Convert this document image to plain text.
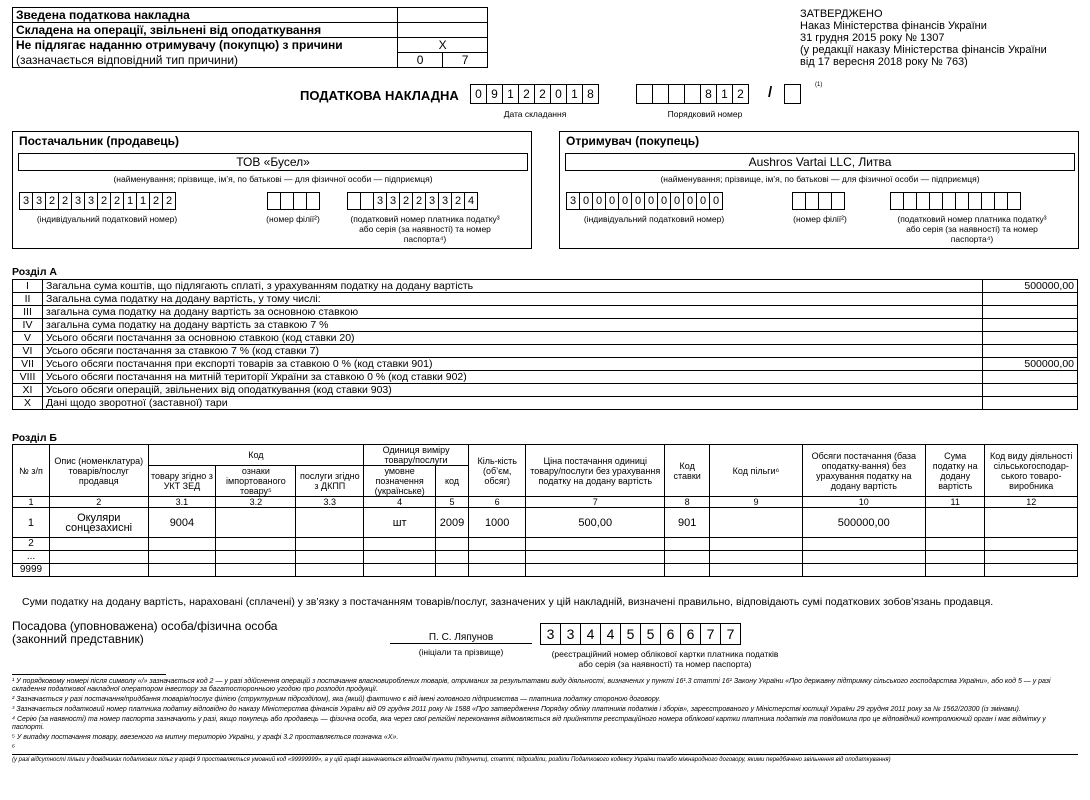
Зведена податкова накладна		
Складена на операції, звільнені від оподаткування		
Не підлягає наданню отримувачу (покупцю) з причини	X	
(зазначається відповідний тип причини)	0	7
ЗАТВЕРДЖЕНО
Наказ Міністерства фінансів України
31 грудня 2015 року № 1307
(у редакції наказу Міністерства фінансів України
від 17 вересня 2018 року № 763)
ПОДАТКОВА НАКЛАДНА	0 9 1 2 2 0 1 8	8 1 2	/	(1)
Дата складання	Порядковий номер
Постачальник (продавець)
ТОВ «Бусел»
(найменування; прізвище, ім’я, по батькові — для фізичної особи — підприємця)
3 3 2 2 3 3 2 2 1 1 2 2	3 3 2 2 3 3 2 4
(індивідуальний податковий номер)	(номер філії²)	(податковий номер платника податку³ або серія (за наявності) та номер паспорта⁴)
Отримувач (покупець)
Aushros Vartai LLC, Литва
(найменування; прізвище, ім’я, по батькові — для фізичної особи — підприємця)
3 0 0 0 0 0 0 0 0 0 0 0
(індивідуальний податковий номер)	(номер філії²)	(податковий номер платника податку³ або серія (за наявності) та номер паспорта⁴)
Розділ А
I	Загальна сума коштів, що підлягають сплаті, з урахуванням податку на додану вартість	500000,00
II	Загальна сума податку на додану вартість, у тому числі:	
III	загальна сума податку на додану вартість за основною ставкою	
IV	загальна сума податку на додану вартість за ставкою 7 %	
V	Усього обсяги постачання за основною ставкою (код ставки 20)	
VI	Усього обсяги постачання за ставкою 7 % (код ставки 7)	
VII	Усього обсяги постачання при експорті товарів за ставкою 0 % (код ставки 901)	500000,00
VIII	Усього обсяги постачання на митній території України за ставкою 0 % (код ставки 902)	
XI	Усього обсяги операцій, звільнених від оподаткування (код ставки 903)	
X	Дані щодо зворотної (заставної) тари	
Розділ Б
№ з/п	Опис (номенклатура) товарів/послуг продавця	Код			Одиниця виміру товару/послуги		Кіль-кість (об’єм, обсяг)	Ціна постачання одиниці товару/послуги без урахування податку на додану вартість	Код ставки	Код пільги⁶	Обсяги постачання (база оподатку-вання) без урахування податку на додану вартість	Сума податку на додану вартість	Код виду діяльності сільськогосподар-ського товаро-виробника
		товару згідно з УКТ ЗЕД	ознаки імпортованого товару⁵	послуги згідно з ДКПП	умовне позначення (українське)	код							
1	2	3.1	3.2	3.3	4	5	6	7	8	9	10	11	12
1	Окуляри сонцезахисні	9004			шт	2009	1000	500,00	901		500000,00		
2													
...													
9999													
Суми податку на додану вартість, нараховані (сплачені) у зв’язку з постачанням товарів/послуг, зазначених у цій накладній, визначені правильно, відповідають сумі податкових зобов’язань продавця.
Посадова (уповноважена) особа/фізична особа
(законний представник)	П. С. Ляпунов
(ініціали та прізвище)
3 3 4 4 5 5 6 6 7 7
(реєстраційний номер облікової картки платника податків або серія (за наявності) та номер паспорта)
¹ У порядковому номері після символу «/» зазначається код 2 — у разі здійснення операцій з постачання власновироблених товарів, отриманих за результатами виду діяльності, визначених у пункті 16¹.3 статті 16¹ Закону України «Про державну підтримку сільського господарства України», або код 5 — у разі складення податкової накладної оператором інвестору за багатосторонньою угодою про розподіл продукції.
² Зазначається у разі постачання/придбання товарів/послуг філією (структурним підрозділом), яка (який) фактично є від імені головного підприємства — платника податку стороною договору.
³ Зазначається податковий номер платника податку відповідно до наказу Міністерства фінансів України від 09 грудня 2011 року № 1588 «Про затвердження Порядку обліку платників податків і зборів», зареєстрованого у Міністерстві юстиції України 29 грудня 2011 року за № 1562/20300 (із змінами).
⁴ Серію (за наявності) та номер паспорта зазначають у разі, якщо покупець або продавець — фізична особа, яка через свої релігійні переконання відмовляється від прийняття реєстраційного номера облікової картки платника податків та повідомила про це відповідний контролюючий орган і має відмітку у паспорті.
⁵ У випадку постачання товару, ввезеного на митну територію України, у графі 3.2 проставляється позначка «Х».
⁶
(у разі відсутності пільги у довідниках податкових пільг у графі 9 проставляється умовний код «99999999», а у цій графі зазначаються відповідні пункти (підпункти), статті, підрозділи, розділи Податкового кодексу України та/або міжнародного договору, якими передбачено звільнення від оподаткування)
